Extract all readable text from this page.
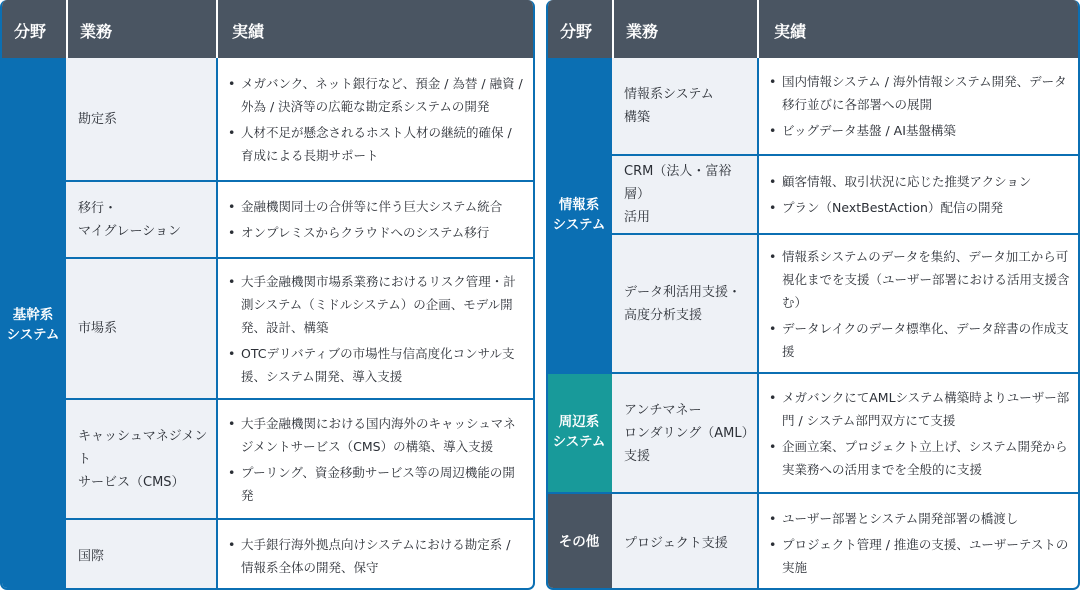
分野 業務	実績
基幹系
システム
勘定系
• メガバンク、ネット銀行など、預金 / 為替 / 融資 / 外為 / 決済等の広範な勘定系システムの開発
• 人材不足が懸念されるホスト人材の継続的確保 / 育成による長期サポート
移行・
マイグレーション
• 金融機関同士の合併等に伴う巨大システム統合
• オンプレミスからクラウドへのシステム移行
市場系
• 大手金融機関市場系業務におけるリスク管理・計測システム（ミドルシステム）の企画、モデル開発、設計、構築
• OTCデリバティブの市場性与信高度化コンサル支援、システム開発、導入支援
キャッシュマネジメント
サービス（CMS）
• 大手金融機関における国内海外のキャッシュマネジメントサービス（CMS）の構築、導入支援
• プーリング、資金移動サービス等の周辺機能の開発
国際
• 大手銀行海外拠点向けシステムにおける勘定系 / 情報系全体の開発、保守
分野 業務	実績
情報系
システム
周辺系
システム
その他
情報系システム
構築
• 国内情報システム / 海外情報システム開発、データ移行並びに各部署への展開
• ビッグデータ基盤 / AI基盤構築
CRM（法人・富裕層）
活用
• 顧客情報、取引状況に応じた推奨アクション
• プラン（NextBestAction）配信の開発
データ利活用支援・
高度分析支援
• 情報系システムのデータを集約、データ加工から可視化までを支援（ユーザー部署における活用支援含む）
• データレイクのデータ標準化、データ辞書の作成支援
アンチマネー
ロンダリング（AML）
支援
• メガバンクにてAMLシステム構築時よりユーザー部門 / システム部門双方にて支援
• 企画立案、プロジェクト立上げ、システム開発から実業務への活用までを全般的に支援
プロジェクト支援
• ユーザー部署とシステム開発部署の橋渡し
• プロジェクト管理 / 推進の支援、ユーザーテストの実施
